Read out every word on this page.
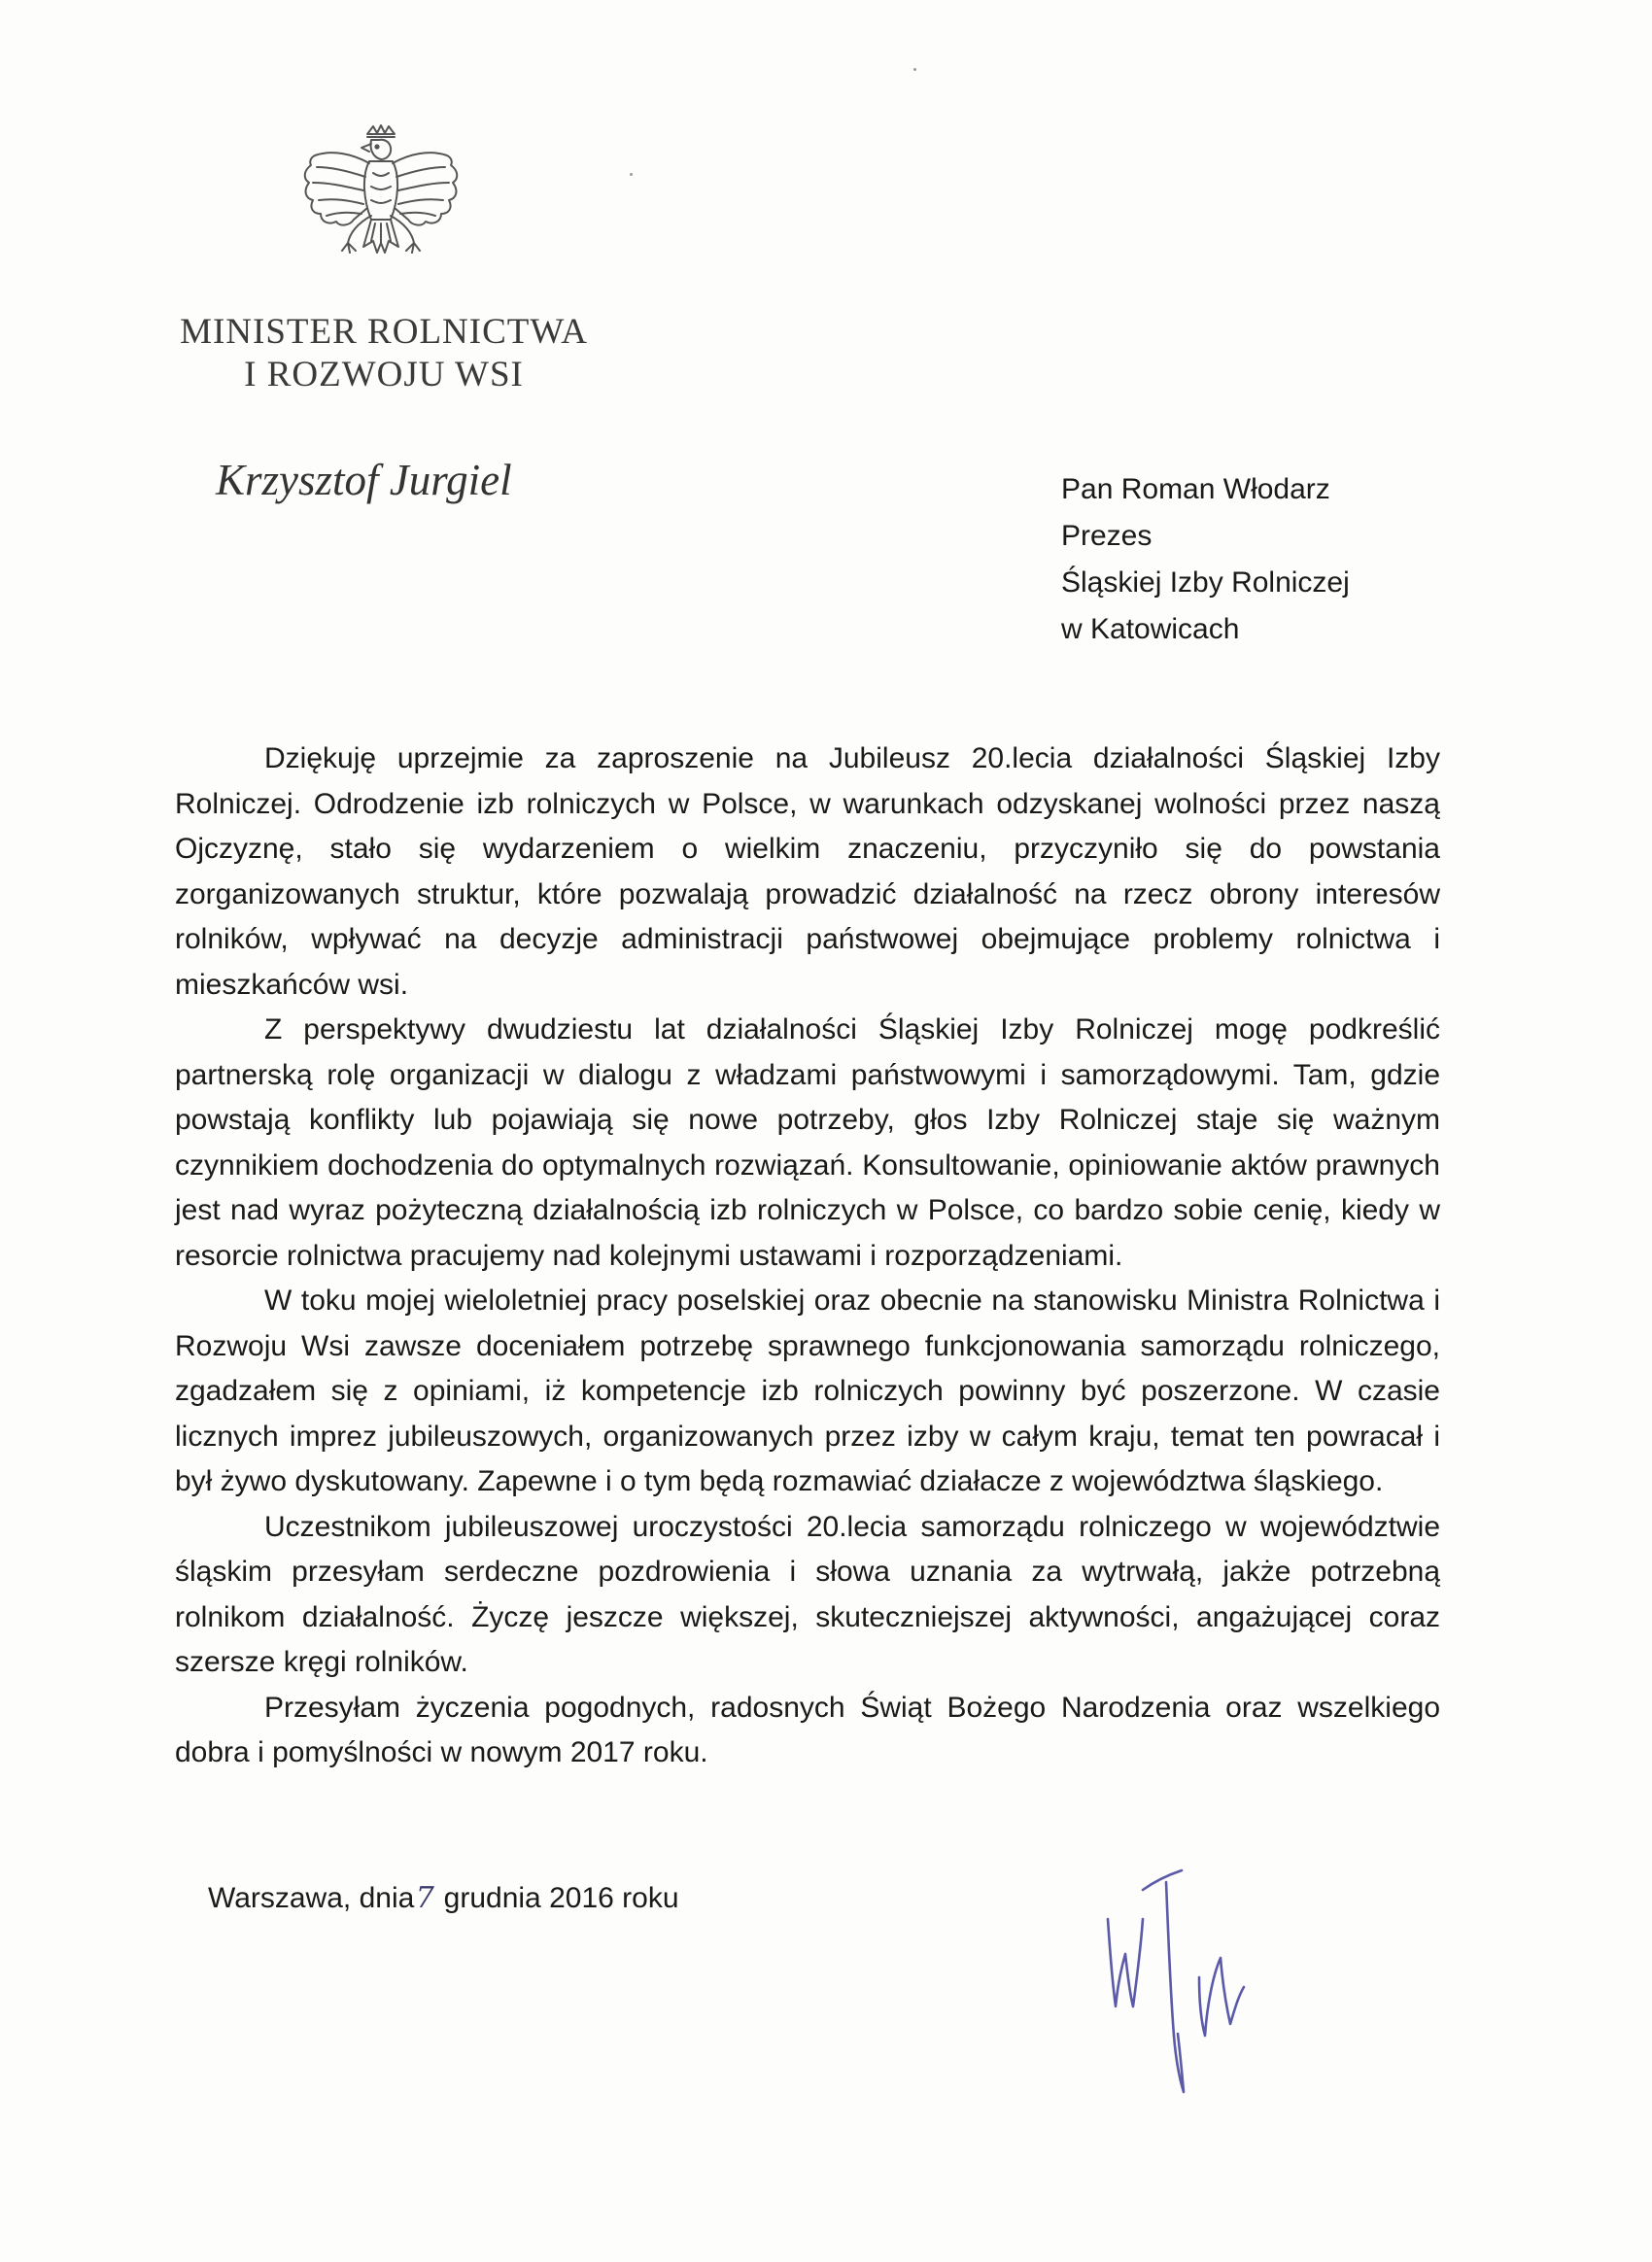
MINISTER ROLNICTWA
I ROZWOJU WSI
Krzysztof Jurgiel	Pan Roman Włodarz
Prezes
Śląskiej Izby Rolniczej
w Katowicach

Dziękuję uprzejmie za zaproszenie na Jubileusz 20.lecia działalności Śląskiej Izby Rolniczej. Odrodzenie izb rolniczych w Polsce, w warunkach odzyskanej wolności przez naszą Ojczyznę, stało się wydarzeniem o wielkim znaczeniu, przyczyniło się do powstania zorganizowanych struktur, które pozwalają prowadzić działalność na rzecz obrony interesów rolników, wpływać na decyzje administracji państwowej obejmujące problemy rolnictwa i mieszkańców wsi.

Z perspektywy dwudziestu lat działalności Śląskiej Izby Rolniczej mogę podkreślić partnerską rolę organizacji w dialogu z władzami państwowymi i samorządowymi. Tam, gdzie powstają konflikty lub pojawiają się nowe potrzeby, głos Izby Rolniczej staje się ważnym czynnikiem dochodzenia do optymalnych rozwiązań. Konsultowanie, opiniowanie aktów prawnych jest nad wyraz pożyteczną działalnością izb rolniczych w Polsce, co bardzo sobie cenię, kiedy w resorcie rolnictwa pracujemy nad kolejnymi ustawami i rozporządzeniami.

W toku mojej wieloletniej pracy poselskiej oraz obecnie na stanowisku Ministra Rolnictwa i Rozwoju Wsi zawsze doceniałem potrzebę sprawnego funkcjonowania samorządu rolniczego, zgadzałem się z opiniami, iż kompetencje izb rolniczych powinny być poszerzone. W czasie licznych imprez jubileuszowych, organizowanych przez izby w całym kraju, temat ten powracał i był żywo dyskutowany. Zapewne i o tym będą rozmawiać działacze z województwa śląskiego.

Uczestnikom jubileuszowej uroczystości 20.lecia samorządu rolniczego w województwie śląskim przesyłam serdeczne pozdrowienia i słowa uznania za wytrwałą, jakże potrzebną rolnikom działalność. Życzę jeszcze większej, skuteczniejszej aktywności, angażującej coraz szersze kręgi rolników.

Przesyłam życzenia pogodnych, radosnych Świąt Bożego Narodzenia oraz wszelkiego dobra i pomyślności w nowym 2017 roku.

Warszawa, dnia7 grudnia 2016 roku
